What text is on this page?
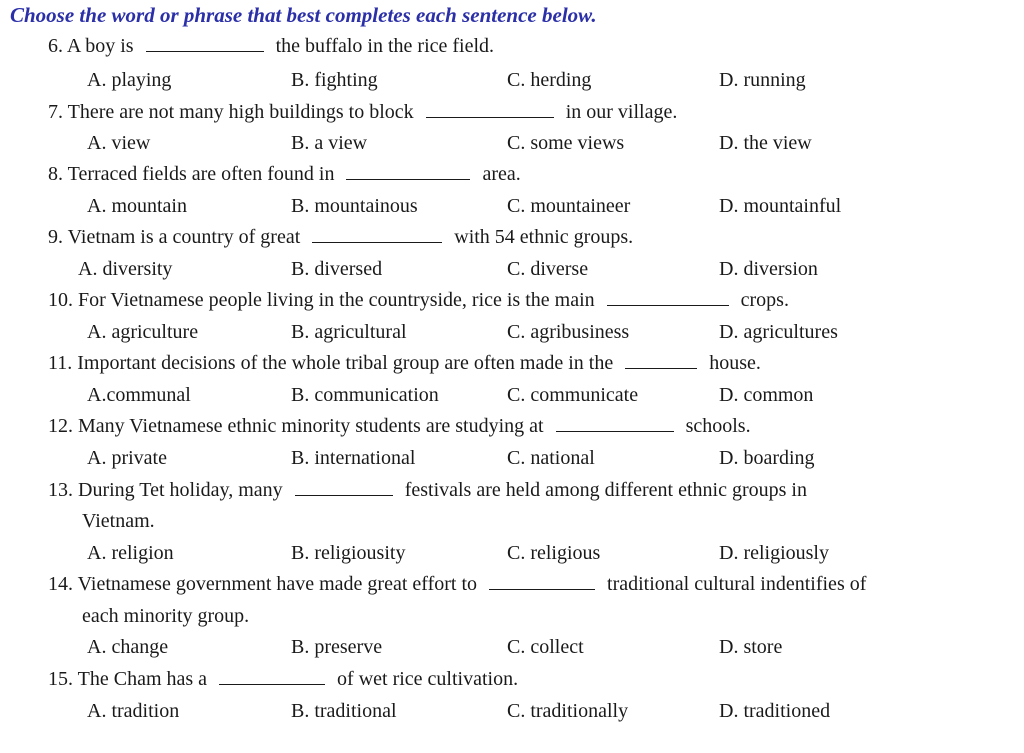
Choose the word or phrase that best completes each sentence below.
6. A boy is	the buffalo in the rice field.
A. playing	B. fighting	C. herding	D. running
7. There are not many high buildings to block	in our village.
A. view	B. a view	C. some views	D. the view
8. Terraced fields are often found in	area.
A. mountain	B. mountainous	C. mountaineer	D. mountainful
9. Vietnam is a country of great	with 54 ethnic groups.
A. diversity	B. diversed	C. diverse	D. diversion
10. For Vietnamese people living in the countryside, rice is the main	crops.
A. agriculture	B. agricultural	C. agribusiness	D. agricultures
11. Important decisions of the whole tribal group are often made in the	house.
A.communal	B. communication	C. communicate	D. common
12. Many Vietnamese ethnic minority students are studying at	schools.
A. private	B. international	C. national	D. boarding
13. During Tet holiday, many	festivals are held among different ethnic groups in
Vietnam.
A. religion	B. religiousity	C. religious	D. religiously
14. Vietnamese government have made great effort to	traditional cultural indentifies of
each minority group.
A. change	B. preserve	C. collect	D. store
15. The Cham has a	of wet rice cultivation.
A. tradition	B. traditional	C. traditionally	D. traditioned
